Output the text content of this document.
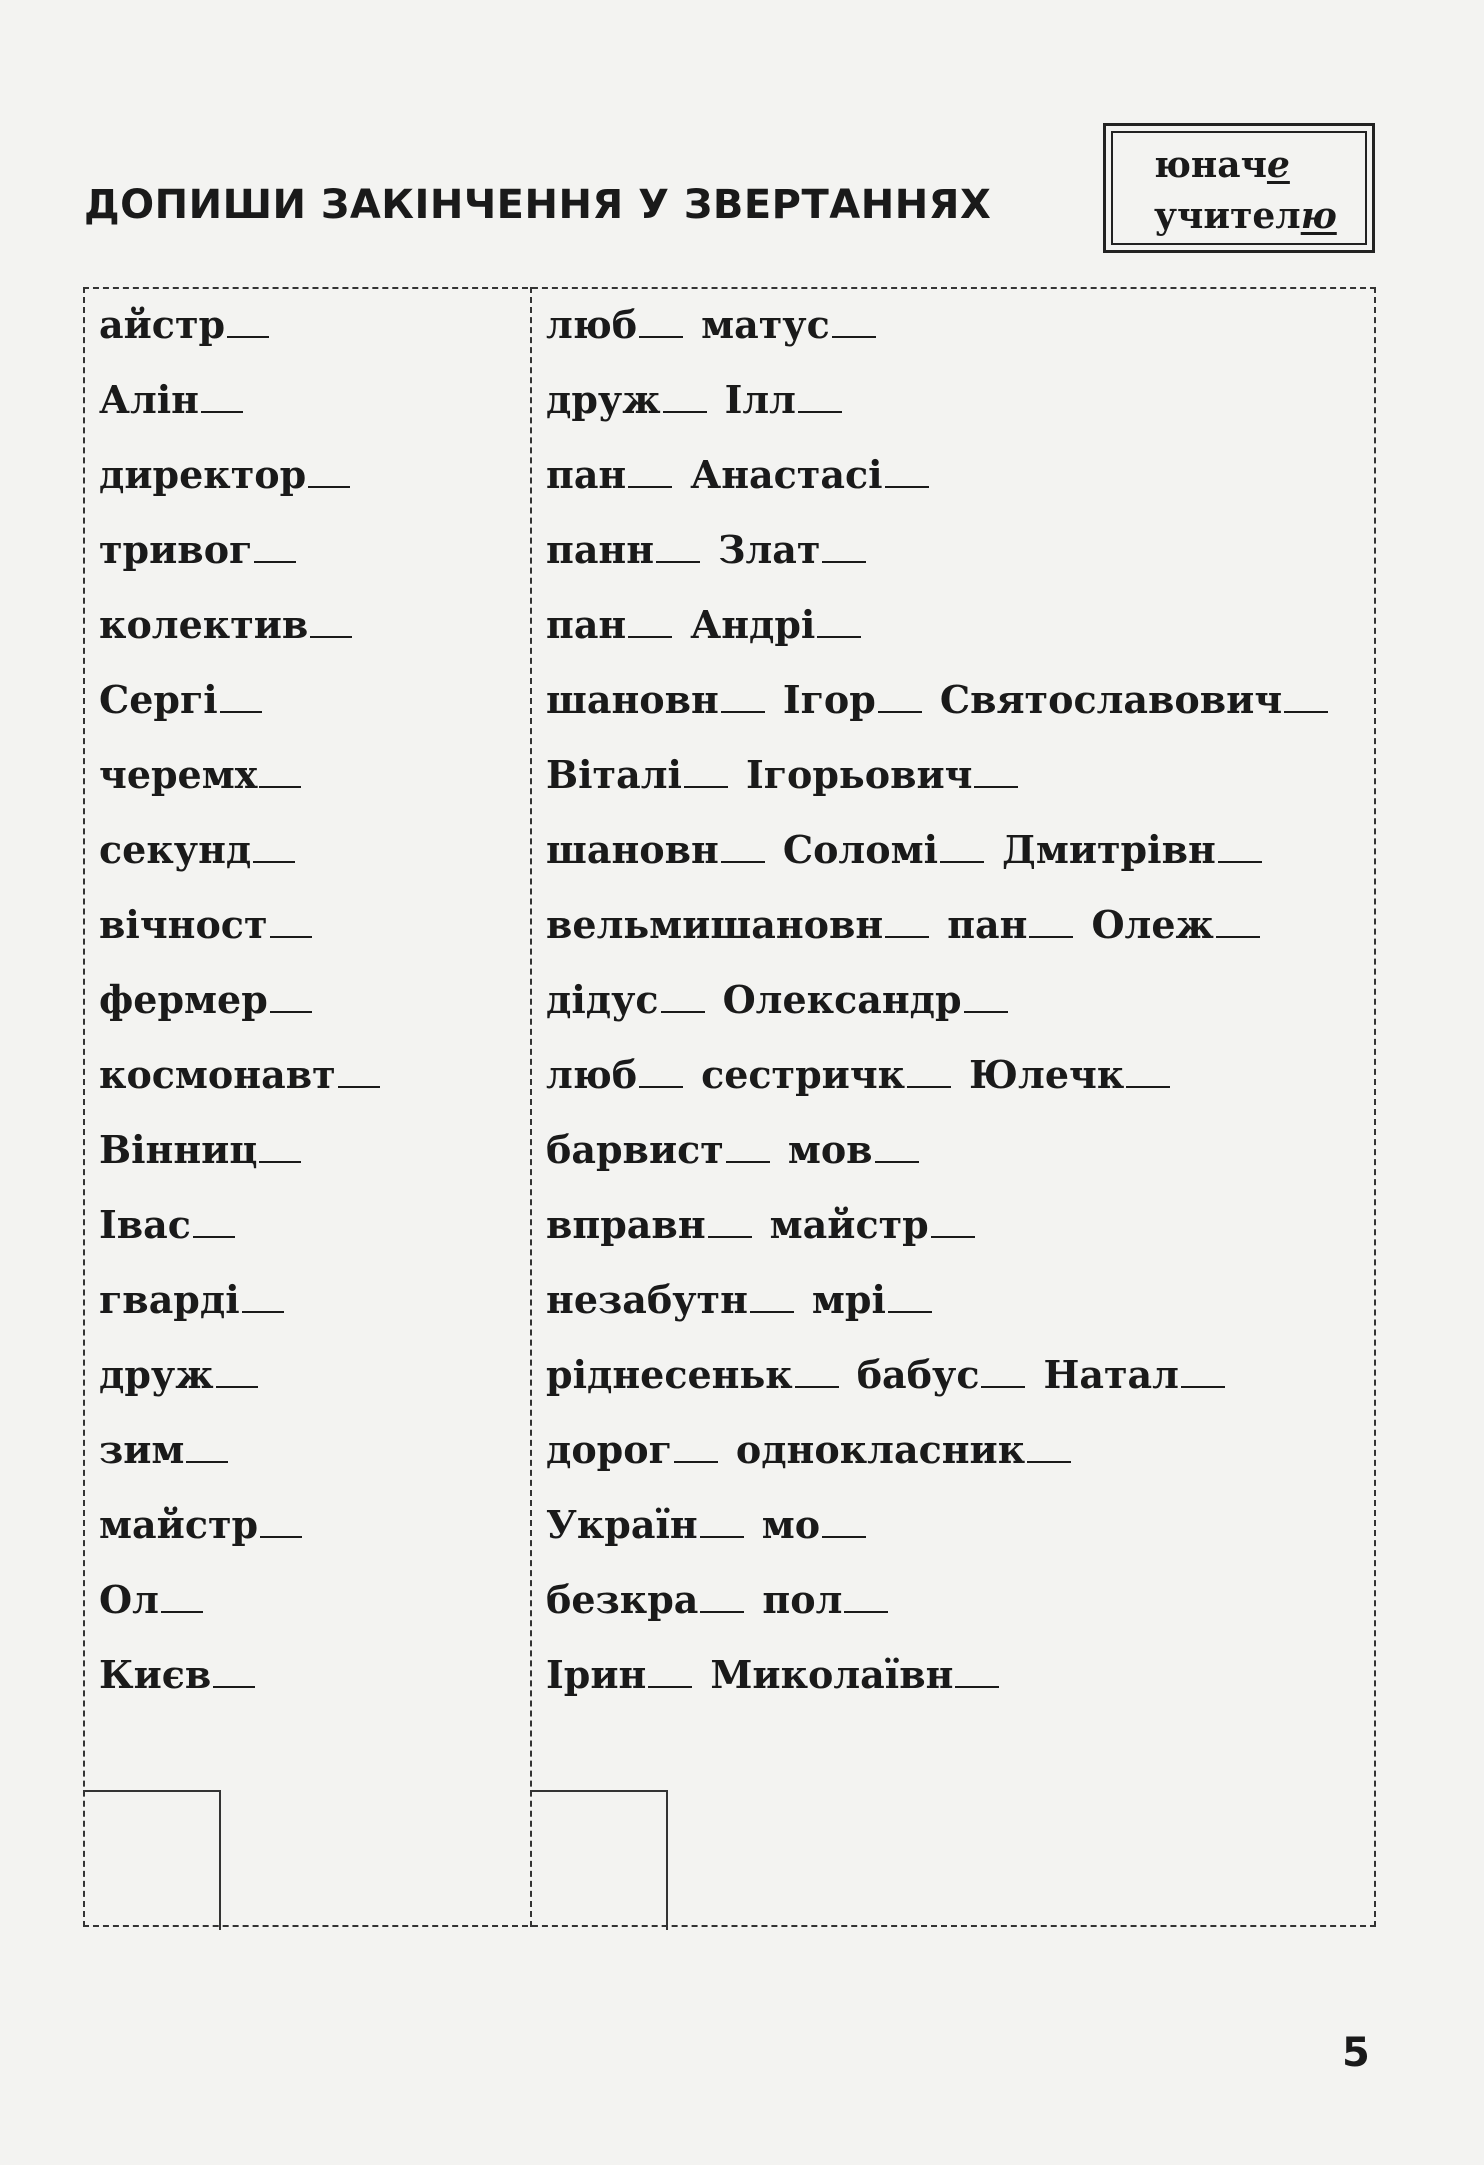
ДОПИШИ ЗАКІНЧЕННЯ У ЗВЕРТАННЯХ
юначе
учителю
айстр
Алін
директор
тривог
колектив
Сергі
черемх
секунд
вічност
фермер
космонавт
Вінниц
Івас
гварді
друж
зим
майстр
Ол
Києв
люб матус
друж Ілл
пан Анастасі
панн Злат
пан Андрі
шановн Ігор Святославович
Віталі Ігорьович
шановн Соломі Дмитрівн
вельмишановн пан Олеж
дідус Олександр
люб сестричк Юлечк
барвист мов
вправн майстр
незабутн мрі
ріднесеньк бабус Натал
дорог однокласник
Україн мо
безкра пол
Ірин Миколаївн
5
